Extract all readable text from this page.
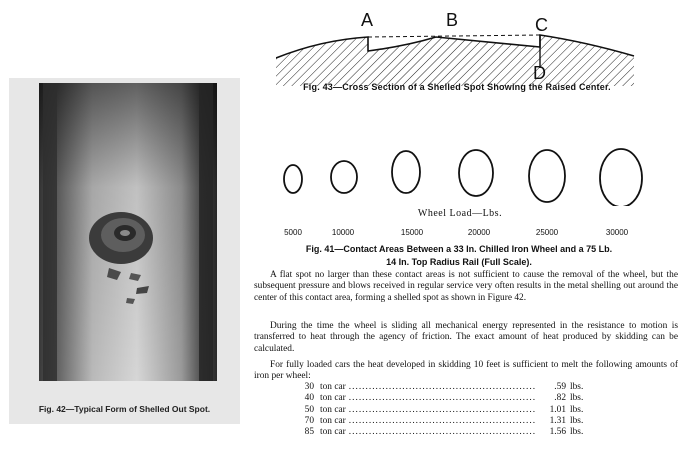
Fig. 42—Typical Form of Shelled Out Spot.
A	B	C
D
Fig. 43—Cross Section of a Shelled Spot Showing the Raised Center.
Wheel Load—Lbs.
5000	10000	15000	20000	25000	30000
Fig. 41—Contact Areas Between a 33 In. Chilled Iron Wheel and a 75 Lb.
14 In. Top Radius Rail (Full Scale).

A flat spot no larger than these contact areas is not sufficient to cause the removal of the wheel, but the subsequent pressure and blows received in regular service very often results in the metal shelling out around the center of this contact area, forming a shelled spot as shown in Figure 42.

During the time the wheel is sliding all mechanical energy represented in the resistance to motion is transferred to heat through the agency of friction. The exact amount of heat produced by skidding can be calculated.

For fully loaded cars the heat developed in skidding 10 feet is sufficient to melt the following amounts of iron per wheel:

30 ton car ........................................................	.59 lbs.
40 ton car ........................................................	.82 lbs.
50 ton car ........................................................	1.01 lbs.
70 ton car ........................................................	1.31 lbs.
85 ton car ........................................................	1.56 lbs.
